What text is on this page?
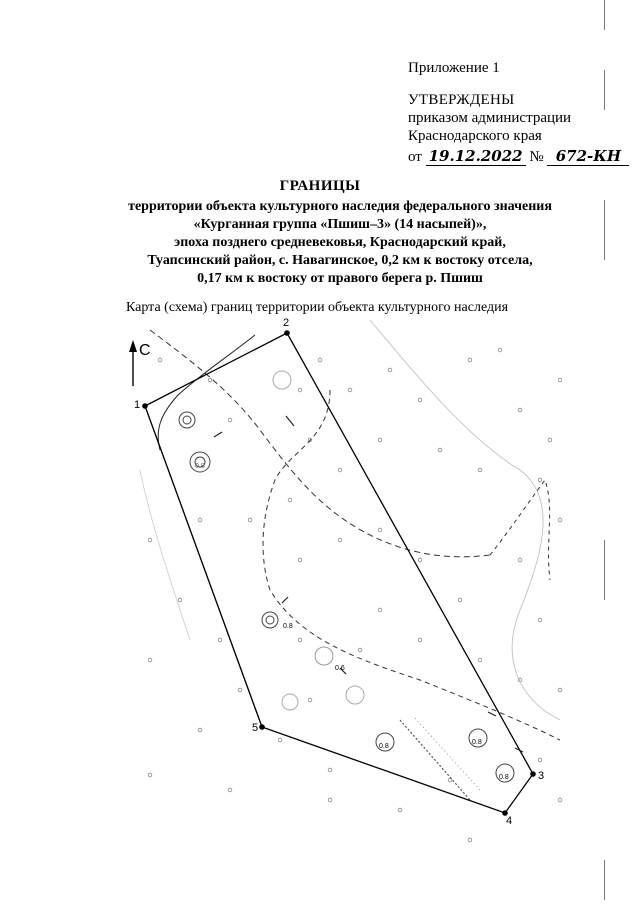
Приложение 1
УТВЕРЖДЕНЫ
приказом администрации
Краснодарского края
от 19.12.2022 № 672-КН
ГРАНИЦЫ
территории объекта культурного наследия федерального значения
«Курганная группа «Пшиш–3» (14 насыпей)»,
эпоха позднего средневековья, Краснодарский край,
Туапсинский район, с. Навагинское, 0,2 км к востоку отсела,
0,17 км к востоку от правого берега р. Пшиш
Карта (схема) границ территории объекта культурного наследия
С
1
2
3
4
5
0.8
0.6
0.8
0.8
0.8
0.8
